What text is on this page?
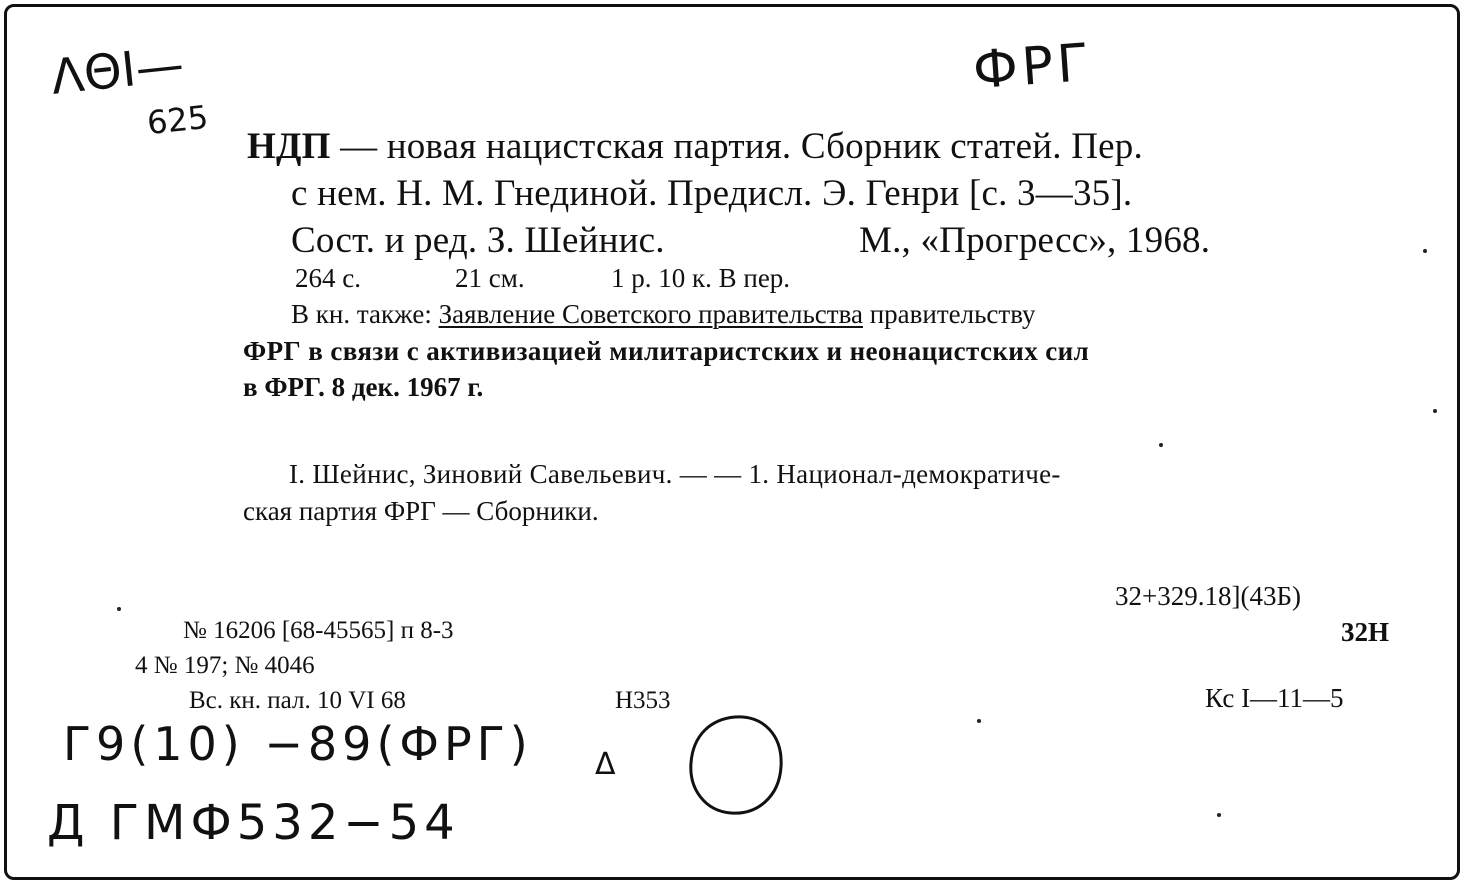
ΛΘΙ—
625
ФРГ
НДП — новая нацистская партия. Сборник статей. Пер.
с нем. Н. М. Гнединой. Предисл. Э. Генри [с. 3—35].
Сост. и ред. З. Шейнис.	М., «Прогресс», 1968.
264 с.	21 см.	1 р. 10 к. В пер.
В кн. также: Заявление Советского правительства правительству
ФРГ в связи с активизацией милитаристских и неонацистских сил
в ФРГ. 8 дек. 1967 г.
I. Шейнис, Зиновий Савельевич. — — 1. Национал-демократиче-
ская партия ФРГ — Сборники.
32+329.18](43Б)
32Н
Кс I—11—5
№ 16206 [68-45565] п 8-3
4 № 197; № 4046
Вс. кн. пал. 10 VI 68	Н353
Г9(10) −89(ФРГ) Δ
Д ГМФ532−54
